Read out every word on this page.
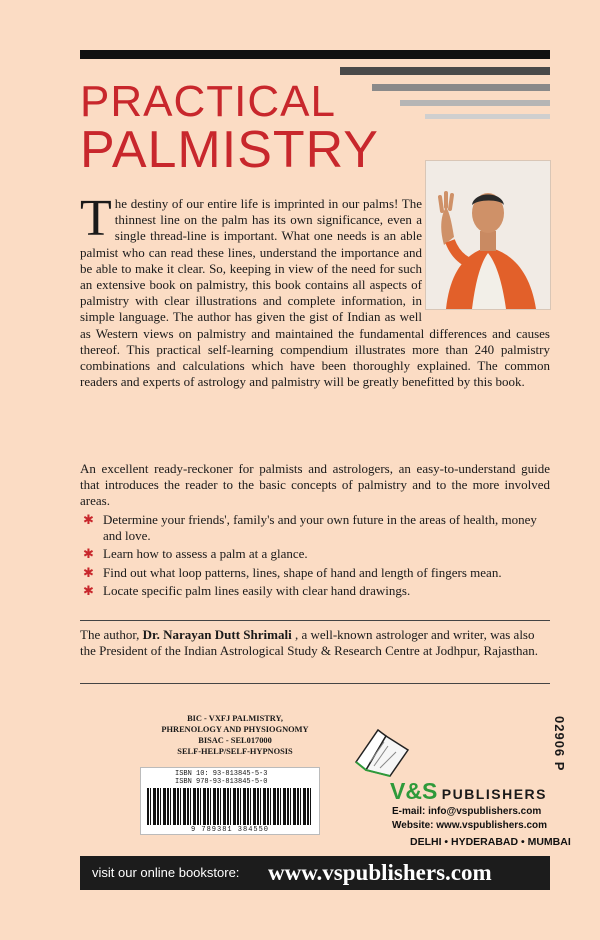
PRACTICAL
PALMISTRY
T he destiny of our entire life is imprinted in our palms! The thinnest line on the palm has its own significance, even a single thread-line is important. What one needs is an able palmist who can read these lines, understand the importance and be able to make it clear. So, keeping in view of the need for such an extensive book on palmistry, this book contains all aspects of palmistry with clear illustrations and complete information, in simple language. The author has given the gist of Indian as well as Western views on palmistry and maintained the fundamental differences and causes thereof. This practical self-learning compendium illustrates more than 240 palmistry combinations and calculations which have been thoroughly explained. The common readers and experts of astrology and palmistry will be greatly benefitted by this book.
An excellent ready-reckoner for palmists and astrologers, an easy-to-understand guide that introduces the reader to the basic concepts of palmistry and to the more involved areas.
✱ Determine your friends', family's and your own future in the areas of health, money and love.
✱ Learn how to assess a palm at a glance.
✱ Find out what loop patterns, lines, shape of hand and length of fingers mean.
✱ Locate specific palm lines easily with clear hand drawings.
The author, Dr. Narayan Dutt Shrimali , a well-known astrologer and writer, was also the President of the Indian Astrological Study & Research Centre at Jodhpur, Rajasthan.
BIC - VXFJ PALMISTRY,
PHRENOLOGY AND PHYSIOGNOMY
BISAC - SEL017000
SELF-HELP/SELF-HYPNOSIS
ISBN 10: 93-813845-5-3
ISBN 978-93-813845-5-0
9 789381 384550
02906 P
V&S PUBLISHERS
E-mail: info@vspublishers.com
Website: www.vspublishers.com
DELHI • HYDERABAD • MUMBAI
visit our online bookstore: www.vspublishers.com
